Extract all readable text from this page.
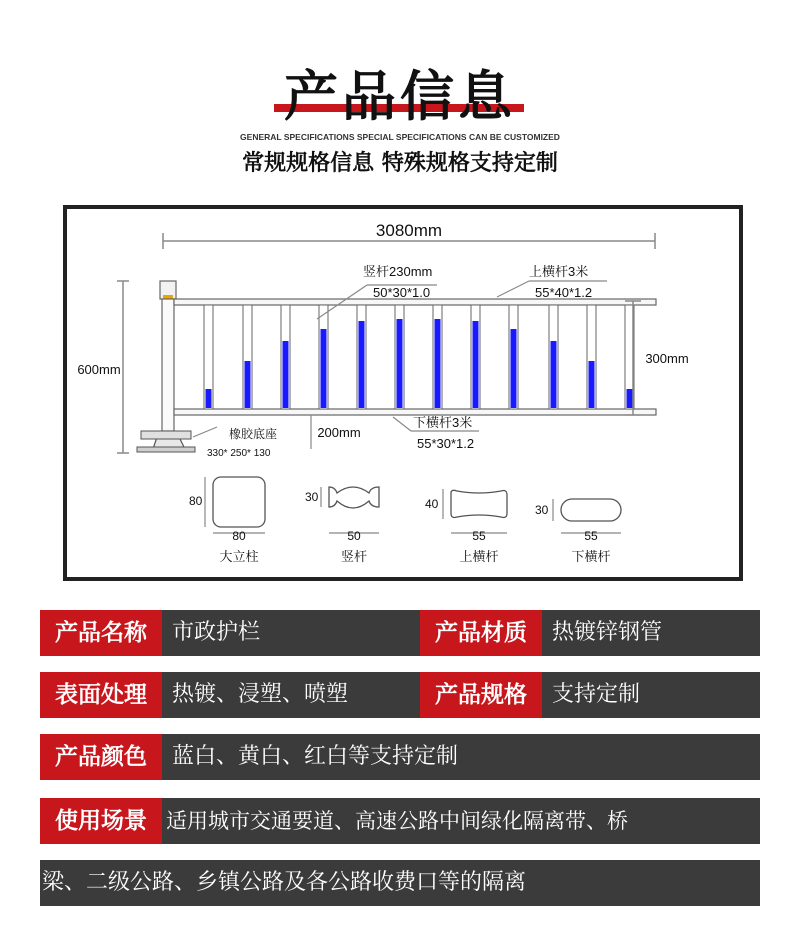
产品信息
GENERAL SPECIFICATIONS SPECIAL SPECIFICATIONS CAN BE CUSTOMIZED
常规规格信息 特殊规格支持定制
3080mm
600mm
300mm
200mm
竖杆230mm
50*30*1.0
上横杆3米
55*40*1.2
下横杆3米
55*30*1.2
橡胶底座
330* 250* 130
80
80
大立柱
30
50
竖杆
40
55
上横杆
30
55
下横杆
产品名称	市政护栏	产品材质	热镀锌钢管
表面处理	热镀、浸塑、喷塑	产品规格	支持定制
产品颜色	蓝白、黄白、红白等支持定制
使用场景 适用城市交通要道、高速公路中间绿化隔离带、桥
梁、二级公路、乡镇公路及各公路收费口等的隔离
